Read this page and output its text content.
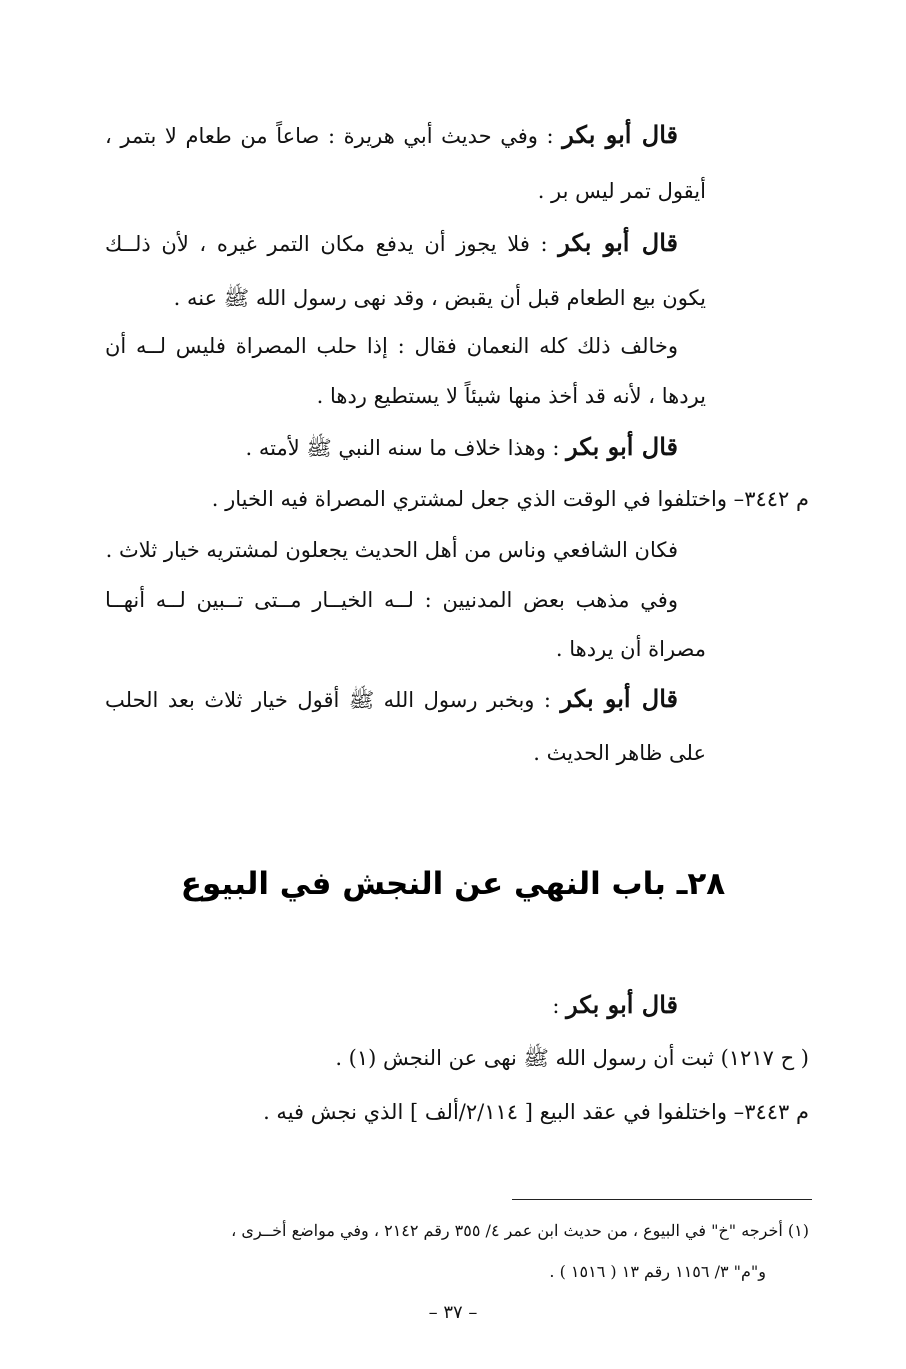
قال أبو بكر : وفي حديث أبي هريرة : صاعاً من طعام لا بتمر ،

أيقول تمر ليس بر .

قال أبو بكر : فلا يجوز أن يدفع مكان التمر غيره ، لأن ذلــك

يكون بيع الطعام قبل أن يقبض ، وقد نهى رسول الله ﷺ عنه .

وخالف ذلك كله النعمان فقال : إذا حلب المصراة فليس لــه أن

يردها ، لأنه قد أخذ منها شيئاً لا يستطيع ردها .

قال أبو بكر : وهذا خلاف ما سنه النبي ﷺ لأمته .

م ٣٤٤٢– واختلفوا في الوقت الذي جعل لمشتري المصراة فيه الخيار .

فكان الشافعي وناس من أهل الحديث يجعلون لمشتريه خيار ثلاث .

وفي مذهب بعض المدنيين : لــه الخيــار مــتى تــبين لــه أنهــا

مصراة أن يردها .

قال أبو بكر : وبخبر رسول الله ﷺ أقول خيار ثلاث بعد الحلب

على ظاهر الحديث .

٢٨ـ باب النهي عن النجش في البيوع

قال أبو بكر :

( ح ١٢١٧) ثبت أن رسول الله ﷺ نهى عن النجش (١) .

م ٣٤٤٣– واختلفوا في عقد البيع [ ٢/١١٤/ألف ] الذي نجش فيه .

(١) أخرجه "خ" في البيوع ، من حديث ابن عمر ٤/ ٣٥٥ رقم ٢١٤٢ ، وفي مواضع أخــرى ،

و"م" ٣/ ١١٥٦ رقم ١٣ ( ١٥١٦ ) .

– ٣٧ –
